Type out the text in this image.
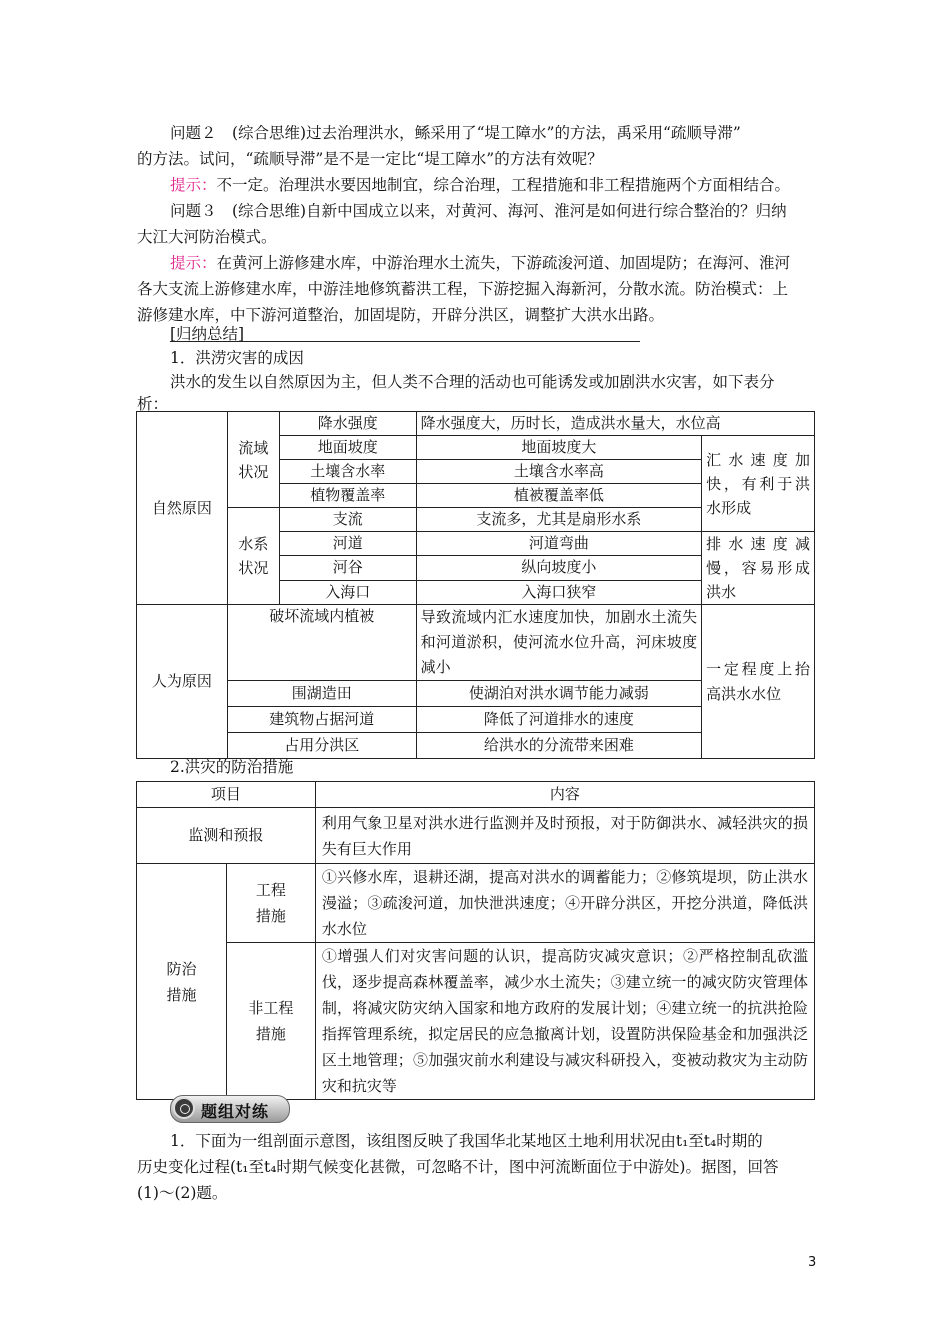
问题２　(综合思维)过去治理洪水，鲧采用了“堤工障水”的方法，禹采用“疏顺导滞”
的方法。试问，“疏顺导滞”是不是一定比“堤工障水”的方法有效呢？
提示：不一定。治理洪水要因地制宜，综合治理，工程措施和非工程措施两个方面相结合。
问题３　(综合思维)自新中国成立以来，对黄河、海河、淮河是如何进行综合整治的？归纳
大江大河防治模式。
提示：在黄河上游修建水库，中游治理水土流失，下游疏浚河道、加固堤防；在海河、淮河
各大支流上游修建水库，中游洼地修筑蓄洪工程，下游挖掘入海新河，分散水流。防治模式：上
游修建水库，中下游河道整治，加固堤防，开辟分洪区，调整扩大洪水出路。
[归纳总结]
1．洪涝灾害的成因
洪水的发生以自然原因为主，但人类不合理的活动也可能诱发或加剧洪水灾害，如下表分
析：
自然原因	流域状况	降水强度	降水强度大，历时长，造成洪水量大，水位高	
		地面坡度	地面坡度大	汇水速度加快，有利于洪水形成
		土壤含水率	土壤含水率高	
		植物覆盖率	植被覆盖率低	

	水系状况	支流	支流多，尤其是扇形水系	
		河道	河道弯曲	排水速度减慢，容易形成洪水
		河谷	纵向坡度小	
		入海口	入海口狭窄	
人为原因	破坏流域内植被		导致流域内汇水速度加快，加剧水土流失和河道淤积，使河流水位升高，河床坡度减小	一定程度上抬高洪水水位
	围湖造田		使湖泊对洪水调节能力减弱	
	建筑物占据河道		降低了河道排水的速度	
	占用分洪区		给洪水的分流带来困难	
2.洪灾的防治措施
项目		内容
监测和预报		利用气象卫星对洪水进行监测并及时预报，对于防御洪水、减轻洪灾的损失有巨大作用

防治措施	工程措施	①兴修水库，退耕还湖，提高对洪水的调蓄能力；②修筑堤坝，防止洪水漫溢；③疏浚河道，加快泄洪速度；④开辟分洪区，开挖分洪道，降低洪水水位

	非工程措施	①增强人们对灾害问题的认识，提高防灾减灾意识；②严格控制乱砍滥伐，逐步提高森林覆盖率，减少水土流失；③建立统一的减灾防灾管理体制，将减灾防灾纳入国家和地方政府的发展计划；④建立统一的抗洪抢险指挥管理系统，拟定居民的应急撤离计划，设置防洪保险基金和加强洪泛区土地管理；⑤加强灾前水利建设与减灾科研投入，变被动救灾为主动防灾和抗灾等
题组对练
1．下面为一组剖面示意图，该组图反映了我国华北某地区土地利用状况由t₁至t₄时期的
历史变化过程(t₁至t₄时期气候变化甚微，可忽略不计，图中河流断面位于中游处)。据图，回答
(1)～(2)题。
3
